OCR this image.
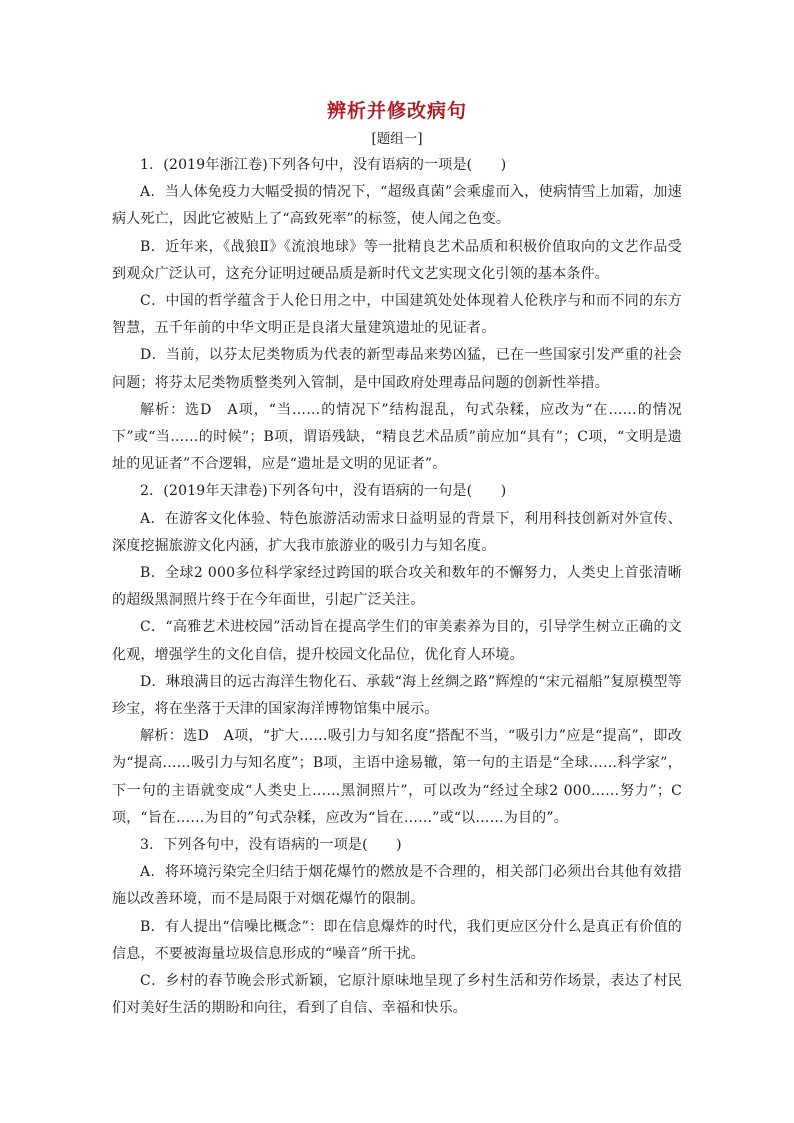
辨析并修改病句
[题组一]

1．(2019年浙江卷)下列各句中，没有语病的一项是(　　)

A．当人体免疫力大幅受损的情况下，“超级真菌”会乘虚而入，使病情雪上加霜，加速病人死亡，因此它被贴上了“高致死率”的标签，使人闻之色变。

B．近年来，《战狼Ⅱ》《流浪地球》等一批精良艺术品质和积极价值取向的文艺作品受到观众广泛认可，这充分证明过硬品质是新时代文艺实现文化引领的基本条件。

C．中国的哲学蕴含于人伦日用之中，中国建筑处处体现着人伦秩序与和而不同的东方智慧，五千年前的中华文明正是良渚大量建筑遗址的见证者。

D．当前，以芬太尼类物质为代表的新型毒品来势凶猛，已在一些国家引发严重的社会问题；将芬太尼类物质整类列入管制，是中国政府处理毒品问题的创新性举措。

解析：选D　A项，“当……的情况下”结构混乱，句式杂糅，应改为“在……的情况下”或“当……的时候”；B项，谓语残缺，“精良艺术品质”前应加“具有”；C项，“文明是遗址的见证者”不合逻辑，应是“遗址是文明的见证者”。

2．(2019年天津卷)下列各句中，没有语病的一句是(　　)

A．在游客文化体验、特色旅游活动需求日益明显的背景下，利用科技创新对外宣传、深度挖掘旅游文化内涵，扩大我市旅游业的吸引力与知名度。

B．全球2 000多位科学家经过跨国的联合攻关和数年的不懈努力，人类史上首张清晰的超级黑洞照片终于在今年面世，引起广泛关注。

C．“高雅艺术进校园”活动旨在提高学生们的审美素养为目的，引导学生树立正确的文化观，增强学生的文化自信，提升校园文化品位，优化育人环境。

D．琳琅满目的远古海洋生物化石、承载“海上丝绸之路”辉煌的“宋元福船”复原模型等珍宝，将在坐落于天津的国家海洋博物馆集中展示。

解析：选D　A项，“扩大……吸引力与知名度”搭配不当，“吸引力”应是“提高”，即改为“提高……吸引力与知名度”；B项，主语中途易辙，第一句的主语是“全球……科学家”，下一句的主语就变成“人类史上……黑洞照片”，可以改为“经过全球2 000……努力”；C项，“旨在……为目的”句式杂糅，应改为“旨在……”或“以……为目的”。

3．下列各句中，没有语病的一项是(　　)

A．将环境污染完全归结于烟花爆竹的燃放是不合理的，相关部门必须出台其他有效措施以改善环境，而不是局限于对烟花爆竹的限制。

B．有人提出“信噪比概念”：即在信息爆炸的时代，我们更应区分什么是真正有价值的信息，不要被海量垃圾信息形成的“噪音”所干扰。

C．乡村的春节晚会形式新颖，它原汁原味地呈现了乡村生活和劳作场景，表达了村民们对美好生活的期盼和向往，看到了自信、幸福和快乐。
